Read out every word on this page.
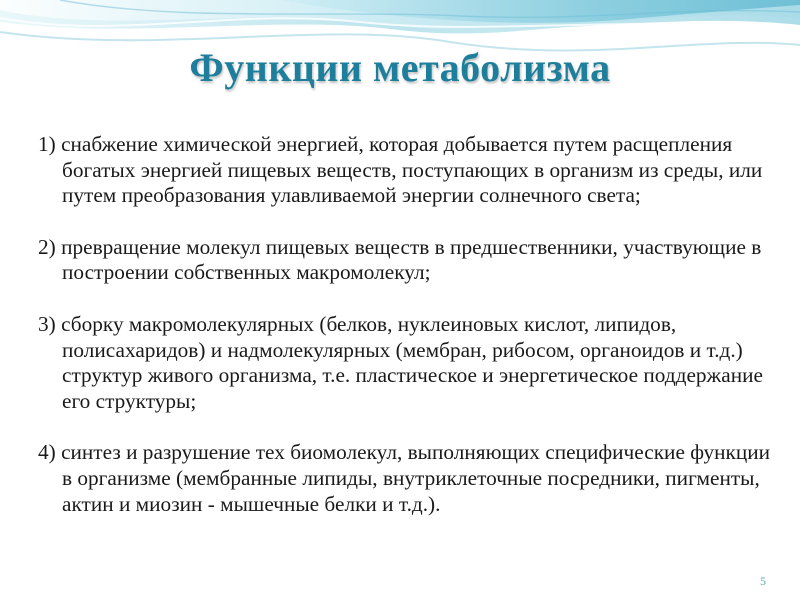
Функции метаболизма

1) снабжение химической энергией, которая добывается путем расщепления богатых энергией пищевых веществ, поступающих в организм из среды, или путем преобразования улавливаемой энергии солнечного света;

2) превращение молекул пищевых веществ в предшественники, участвующие в построении собственных макромолекул;

3) сборку макромолекулярных (белков, нуклеиновых кислот, липидов, полисахаридов) и надмолекулярных (мембран, рибосом, органоидов и т.д.) структур живого организма, т.е. пластическое и энергетическое поддержание его структуры;

4) синтез и разрушение тех биомолекул, выполняющих специфические функции в организме (мембранные липиды, внутриклеточные посредники, пигменты, актин и миозин - мышечные белки и т.д.).

5
